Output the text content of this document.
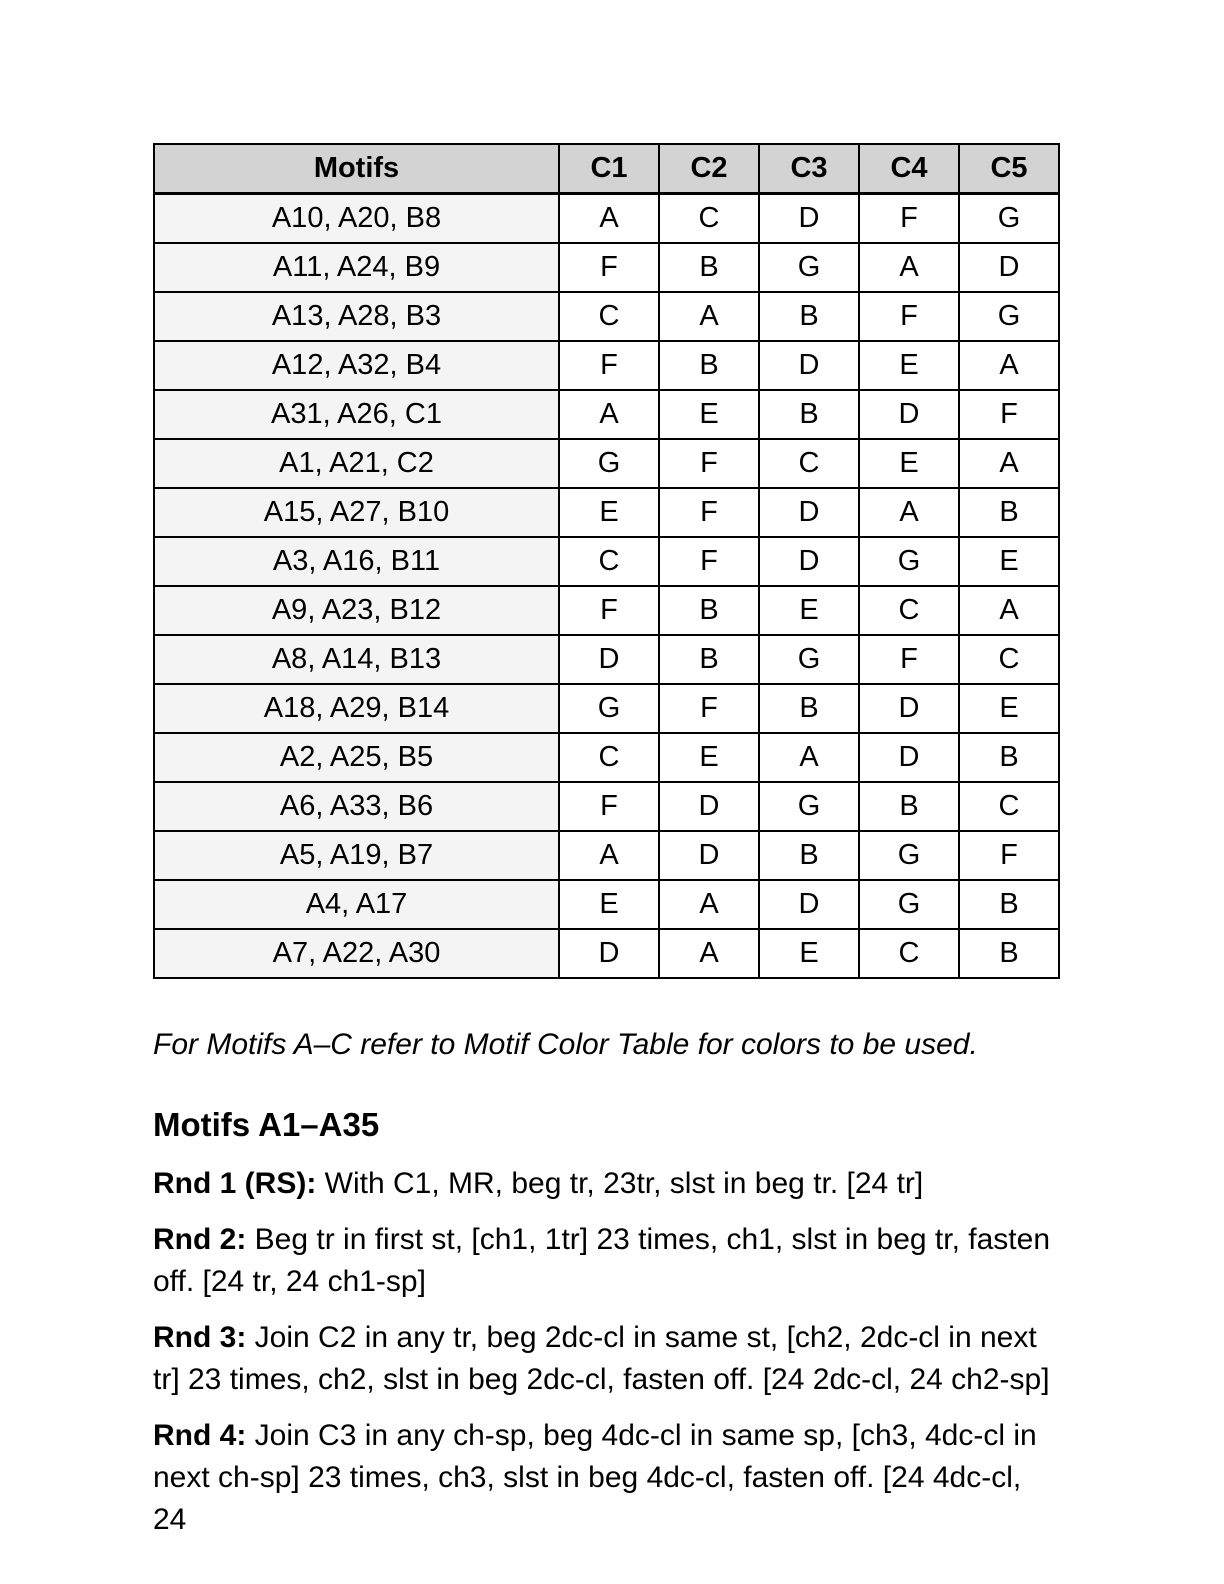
Motifs	C1	C2	C3	C4	C5
A10, A20, B8	A	C	D	F	G
A11, A24, B9	F	B	G	A	D
A13, A28, B3	C	A	B	F	G
A12, A32, B4	F	B	D	E	A
A31, A26, C1	A	E	B	D	F
A1, A21, C2	G	F	C	E	A
A15, A27, B10	E	F	D	A	B
A3, A16, B11	C	F	D	G	E
A9, A23, B12	F	B	E	C	A
A8, A14, B13	D	B	G	F	C
A18, A29, B14	G	F	B	D	E
A2, A25, B5	C	E	A	D	B
A6, A33, B6	F	D	G	B	C
A5, A19, B7	A	D	B	G	F
A4, A17	E	A	D	G	B
A7, A22, A30	D	A	E	C	B

For Motifs A–C refer to Motif Color Table for colors to be used.

Motifs A1–A35

Rnd 1 (RS): With C1, MR, beg tr, 23tr, slst in beg tr. [24 tr]

Rnd 2: Beg tr in first st, [ch1, 1tr] 23 times, ch1, slst in beg tr, fasten off. [24 tr, 24 ch1-sp]

Rnd 3: Join C2 in any tr, beg 2dc-cl in same st, [ch2, 2dc-cl in next tr] 23 times, ch2, slst in beg 2dc-cl, fasten off. [24 2dc-cl, 24 ch2-sp]

Rnd 4: Join C3 in any ch-sp, beg 4dc-cl in same sp, [ch3, 4dc-cl in next ch-sp] 23 times, ch3, slst in beg 4dc-cl, fasten off. [24 4dc-cl, 24
